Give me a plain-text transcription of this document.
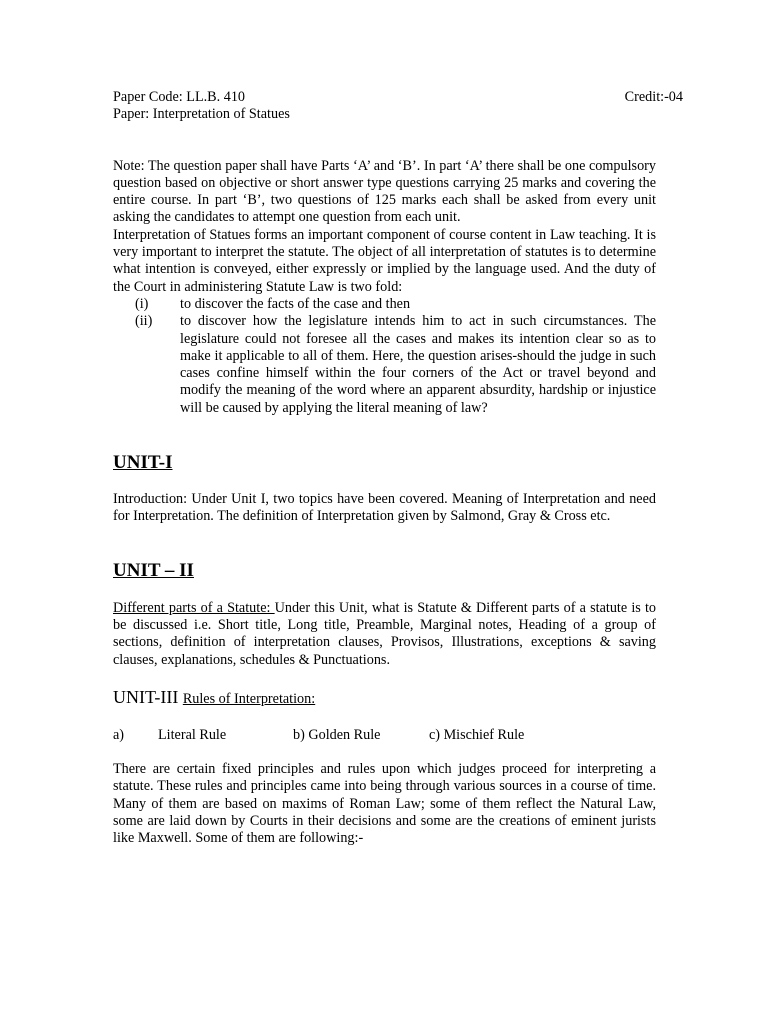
Paper Code: LL.B. 410	Credit:-04
Paper: Interpretation of Statues

Note: The question paper shall have Parts ‘A’ and ‘B’. In part ‘A’ there shall be one compulsory question based on objective or short answer type questions carrying 25 marks and covering the entire course. In part ‘B’, two questions of 125 marks each shall be asked from every unit asking the candidates to attempt one question from each unit.

Interpretation of Statues forms an important component of course content in Law teaching. It is very important to interpret the statute. The object of all interpretation of statutes is to determine what intention is conveyed, either expressly or implied by the language used. And the duty of the Court in administering Statute Law is two fold:

(i)	to discover the facts of the case and then
(ii)	to discover how the legislature intends him to act in such circumstances. The legislature could not foresee all the cases and makes its intention clear so as to make it applicable to all of them. Here, the question arises-should the judge in such cases confine himself within the four corners of the Act or travel beyond and modify the meaning of the word where an apparent absurdity, hardship or injustice will be caused by applying the literal meaning of law?
UNIT-I

Introduction: Under Unit I, two topics have been covered. Meaning of Interpretation and need for Interpretation. The definition of Interpretation given by Salmond, Gray & Cross etc.

UNIT – II

Different parts of a Statute: Under this Unit, what is Statute & Different parts of a statute is to be discussed i.e. Short title, Long title, Preamble, Marginal notes, Heading of a group of sections, definition of interpretation clauses, Provisos, Illustrations, exceptions & saving clauses, explanations, schedules & Punctuations.

UNIT-III Rules of Interpretation:
a)	Literal Rule	b) Golden Rule	c) Mischief Rule

There are certain fixed principles and rules upon which judges proceed for interpreting a statute. These rules and principles came into being through various sources in a course of time. Many of them are based on maxims of Roman Law; some of them reflect the Natural Law, some are laid down by Courts in their decisions and some are the creations of eminent jurists like Maxwell. Some of them are following:-
